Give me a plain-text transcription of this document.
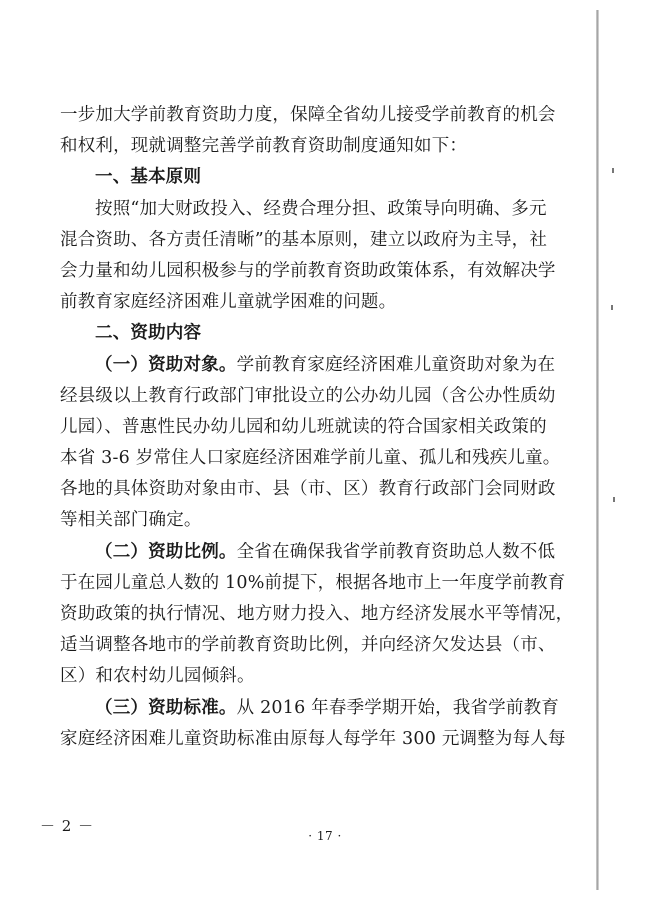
一步加大学前教育资助力度，保障全省幼儿接受学前教育的机会
和权利，现就调整完善学前教育资助制度通知如下：
一、基本原则
按照“加大财政投入、经费合理分担、政策导向明确、多元
混合资助、各方责任清晰”的基本原则，建立以政府为主导，社
会力量和幼儿园积极参与的学前教育资助政策体系，有效解决学
前教育家庭经济困难儿童就学困难的问题。
二、资助内容
（一）资助对象。学前教育家庭经济困难儿童资助对象为在
经县级以上教育行政部门审批设立的公办幼儿园（含公办性质幼
儿园）、普惠性民办幼儿园和幼儿班就读的符合国家相关政策的
本省 3-6 岁常住人口家庭经济困难学前儿童、孤儿和残疾儿童。
各地的具体资助对象由市、县（市、区）教育行政部门会同财政
等相关部门确定。
（二）资助比例。全省在确保我省学前教育资助总人数不低
于在园儿童总人数的 10%前提下，根据各地市上一年度学前教育
资助政策的执行情况、地方财力投入、地方经济发展水平等情况，
适当调整各地市的学前教育资助比例，并向经济欠发达县（市、
区）和农村幼儿园倾斜。
（三）资助标准。从 2016 年春季学期开始，我省学前教育
家庭经济困难儿童资助标准由原每人每学年 300 元调整为每人每
－ 2 －
· 17 ·
